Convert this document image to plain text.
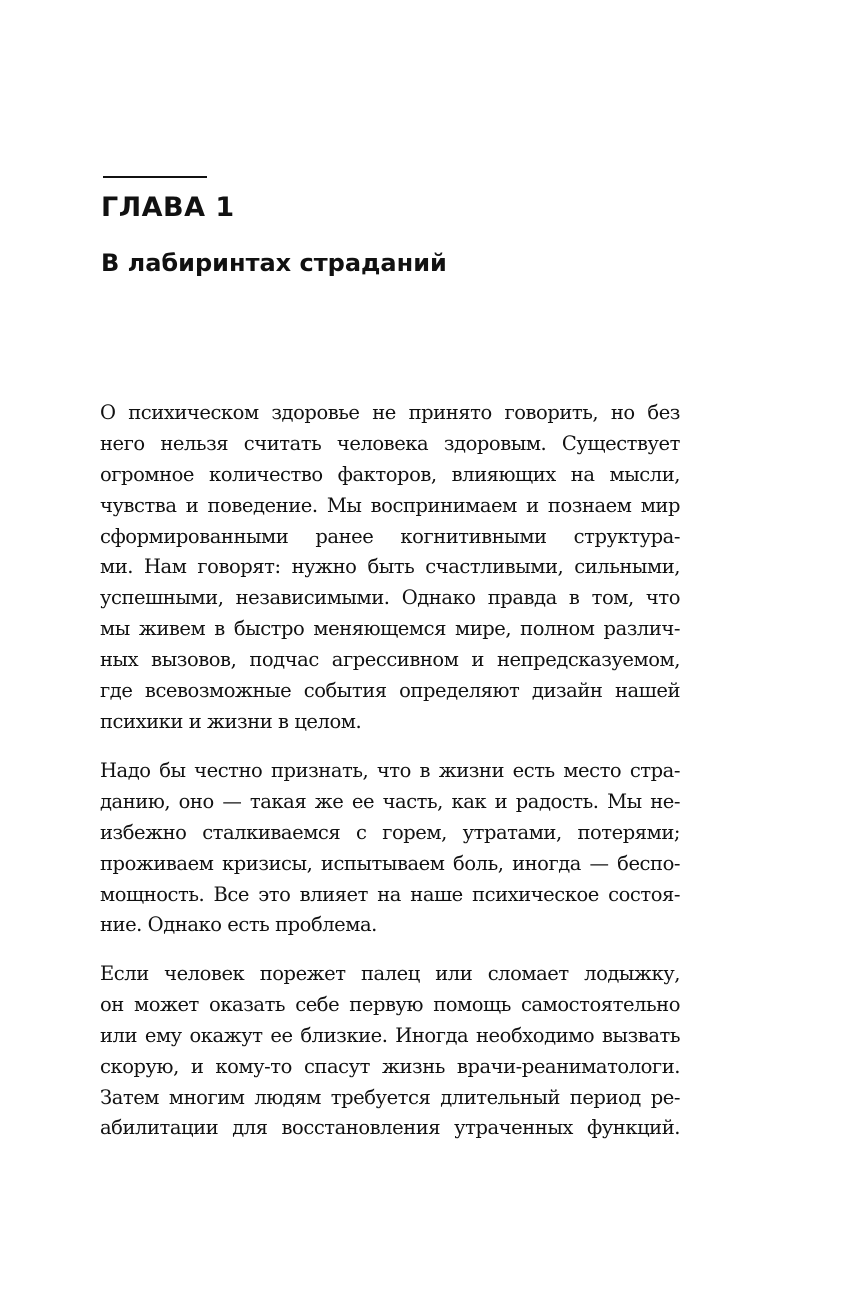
ГЛАВА 1
В лабиринтах страданий
О психическом здоровье не принято говорить, но без
него нельзя считать человека здоровым. Существует
огромное количество факторов, влияющих на мысли,
чувства и поведение. Мы воспринимаем и познаем мир
сформированными ранее когнитивными структура-
ми. Нам говорят: нужно быть счастливыми, сильными,
успешными, независимыми. Однако правда в том, что
мы живем в быстро меняющемся мире, полном различ-
ных вызовов, подчас агрессивном и непредсказуемом,
где всевозможные события определяют дизайн нашей
психики и жизни в целом.
Надо бы честно признать, что в жизни есть место стра-
данию, оно — такая же ее часть, как и радость. Мы не-
избежно сталкиваемся с горем, утратами, потерями;
проживаем кризисы, испытываем боль, иногда — беспо-
мощность. Все это влияет на наше психическое состоя-
ние. Однако есть проблема.
Если человек порежет палец или сломает лодыжку,
он может оказать себе первую помощь самостоятельно
или ему окажут ее близкие. Иногда необходимо вызвать
скорую, и кому-то спасут жизнь врачи-реаниматологи.
Затем многим людям требуется длительный период ре-
абилитации для восстановления утраченных функций.
